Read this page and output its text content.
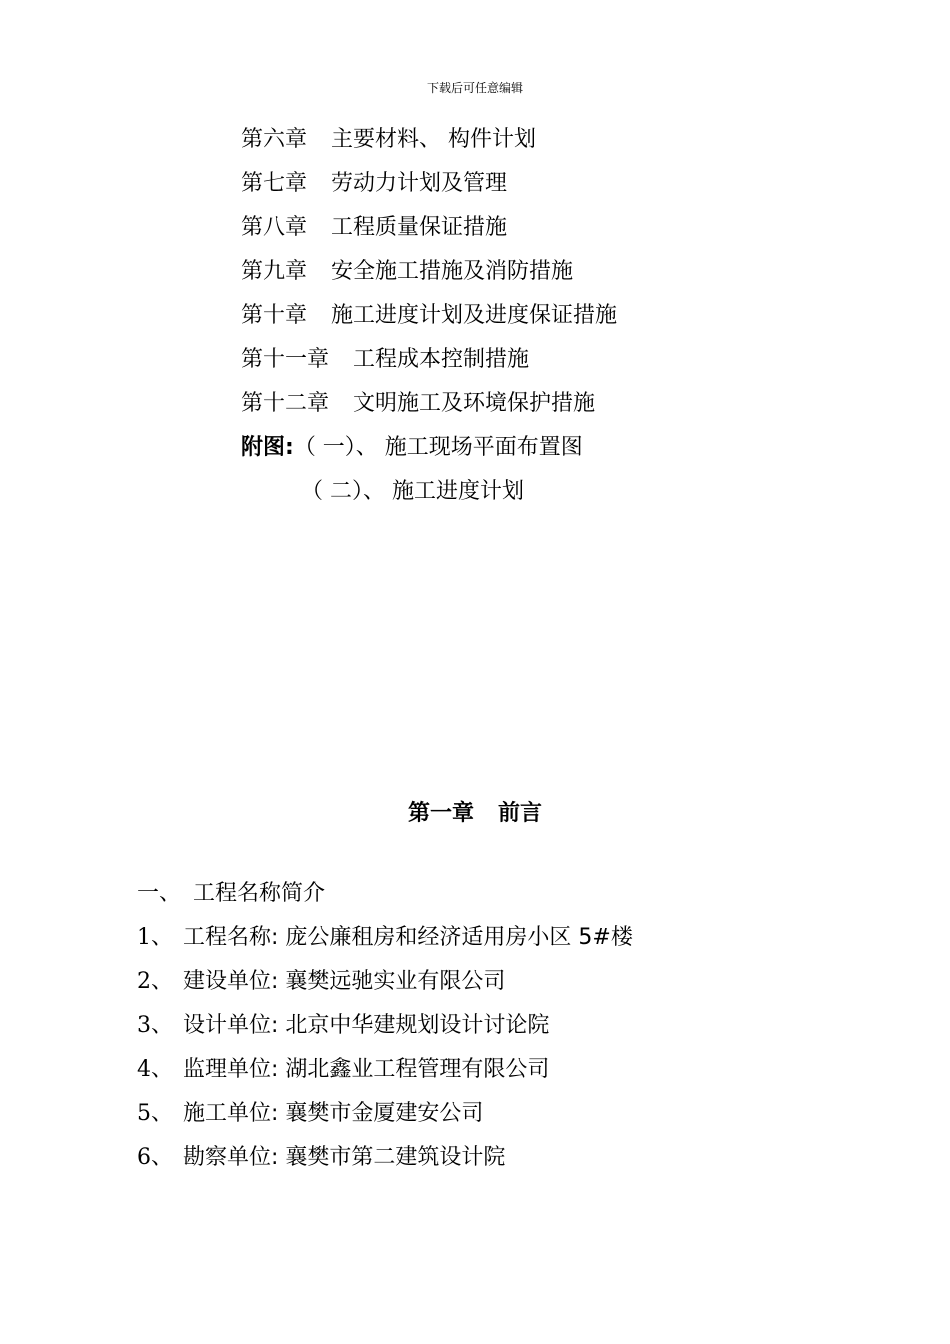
下载后可任意编辑
第六章 主要材料、 构件计划
第七章 劳动力计划及管理
第八章 工程质量保证措施
第九章 安全施工措施及消防措施
第十章 施工进度计划及进度保证措施
第十一章 工程成本控制措施
第十二章 文明施工及环境保护措施
附图:（ 一）、 施工现场平面布置图
（ 二）、 施工进度计划
第一章 前言
一、 工程名称简介
1、 工程名称: 庞公廉租房和经济适用房小区 5#楼
2、 建设单位: 襄樊远驰实业有限公司
3、 设计单位: 北京中华建规划设计讨论院
4、 监理单位: 湖北鑫业工程管理有限公司
5、 施工单位: 襄樊市金厦建安公司
6、 勘察单位: 襄樊市第二建筑设计院
